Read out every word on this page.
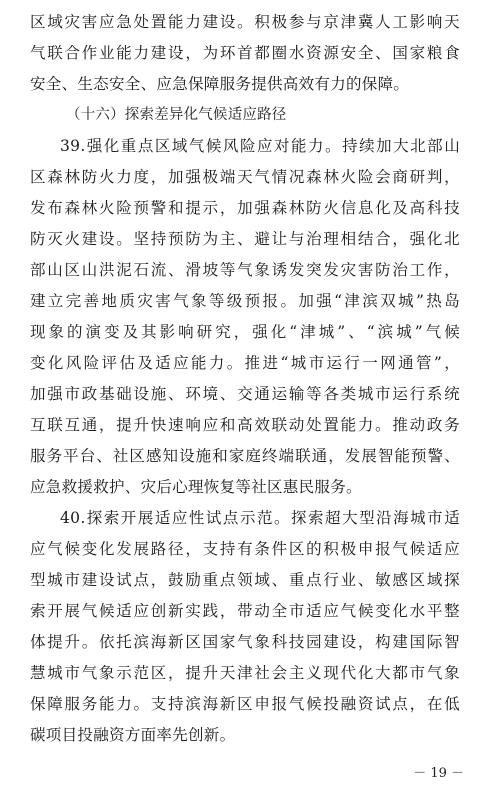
区域灾害应急处置能力建设。积极参与京津冀人工影响天
气联合作业能力建设，为环首都圈水资源安全、国家粮食
安全、生态安全、应急保障服务提供高效有力的保障。
（十六）探索差异化气候适应路径
39.强化重点区域气候风险应对能力。持续加大北部山
区森林防火力度，加强极端天气情况森林火险会商研判，
发布森林火险预警和提示，加强森林防火信息化及高科技
防灭火建设。坚持预防为主、避让与治理相结合，强化北
部山区山洪泥石流、滑坡等气象诱发突发灾害防治工作，
建立完善地质灾害气象等级预报。加强“津滨双城”热岛
现象的演变及其影响研究，强化“津城”、“滨城”气候
变化风险评估及适应能力。推进“城市运行一网通管”，
加强市政基础设施、环境、交通运输等各类城市运行系统
互联互通，提升快速响应和高效联动处置能力。推动政务
服务平台、社区感知设施和家庭终端联通，发展智能预警、
应急救援救护、灾后心理恢复等社区惠民服务。
40.探索开展适应性试点示范。探索超大型沿海城市适
应气候变化发展路径，支持有条件区的积极申报气候适应
型城市建设试点，鼓励重点领域、重点行业、敏感区域探
索开展气候适应创新实践，带动全市适应气候变化水平整
体提升。依托滨海新区国家气象科技园建设，构建国际智
慧城市气象示范区，提升天津社会主义现代化大都市气象
保障服务能力。支持滨海新区申报气候投融资试点，在低
碳项目投融资方面率先创新。
－ 19 －
